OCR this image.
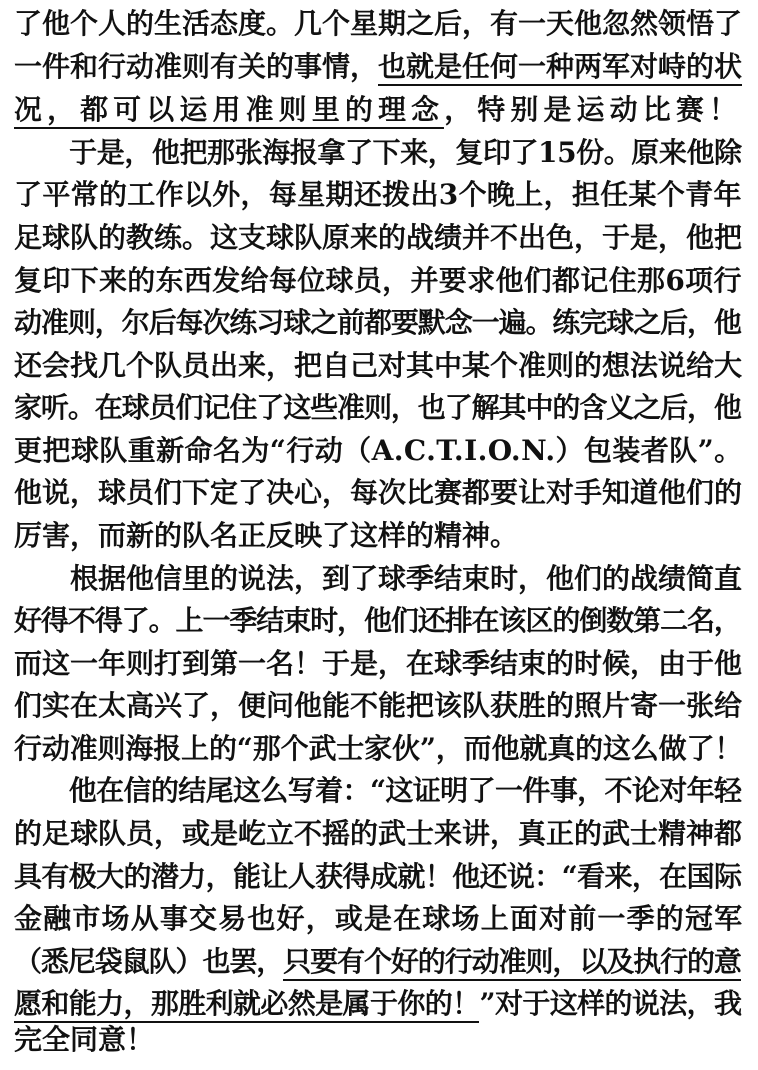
了他个人的生活态度。几个星期之后，有一天他忽然领悟了
一件和行动准则有关的事情，也就是任何一种两军对峙的状
况，都可以运用准则里的理念，特别是运动比赛！
　　于是，他把那张海报拿了下来，复印了15份。原来他除
了平常的工作以外，每星期还拨出3个晚上，担任某个青年
足球队的教练。这支球队原来的战绩并不出色，于是，他把
复印下来的东西发给每位球员，并要求他们都记住那6项行
动准则，尔后每次练习球之前都要默念一遍。练完球之后，他
还会找几个队员出来，把自己对其中某个准则的想法说给大
家听。在球员们记住了这些准则，也了解其中的含义之后，他
更把球队重新命名为“行动（A.C.T.I.O.N.）包装者队”。
他说，球员们下定了决心，每次比赛都要让对手知道他们的
厉害，而新的队名正反映了这样的精神。
　　根据他信里的说法，到了球季结束时，他们的战绩简直
好得不得了。上一季结束时，他们还排在该区的倒数第二名，
而这一年则打到第一名！于是，在球季结束的时候，由于他
们实在太高兴了，便问他能不能把该队获胜的照片寄一张给
行动准则海报上的“那个武士家伙”，而他就真的这么做了！
　　他在信的结尾这么写着：“这证明了一件事，不论对年轻
的足球队员，或是屹立不摇的武士来讲，真正的武士精神都
具有极大的潜力，能让人获得成就！他还说：“看来，在国际
金融市场从事交易也好，或是在球场上面对前一季的冠军
（悉尼袋鼠队）也罢，只要有个好的行动准则，以及执行的意
愿和能力，那胜利就必然是属于你的！”对于这样的说法，我
完全同意！
